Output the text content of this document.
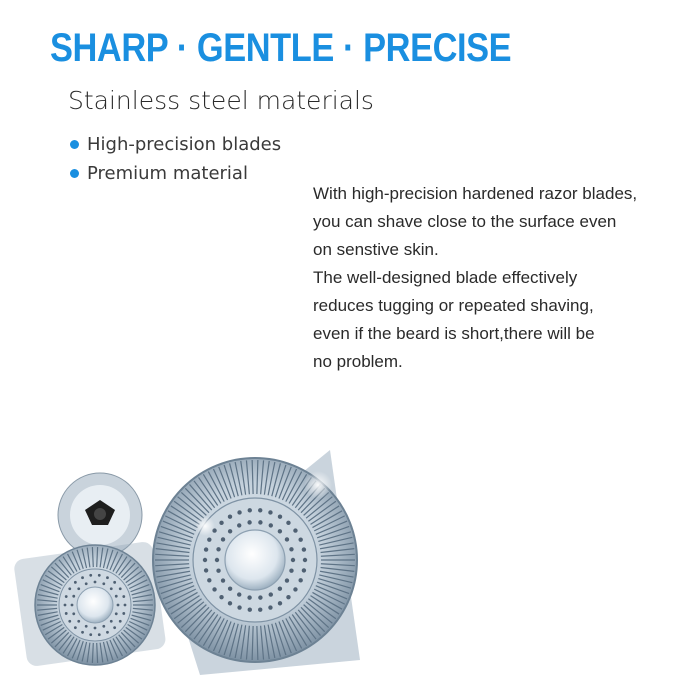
SHARP · GENTLE · PRECISE
Stainless steel materials
High-precision blades
Premium material

With high-precision hardened razor blades,

you can shave close to the surface even

on senstive skin.

The well-designed blade effectively

reduces tugging or repeated shaving,

even if the beard is short,there will be

no problem.
